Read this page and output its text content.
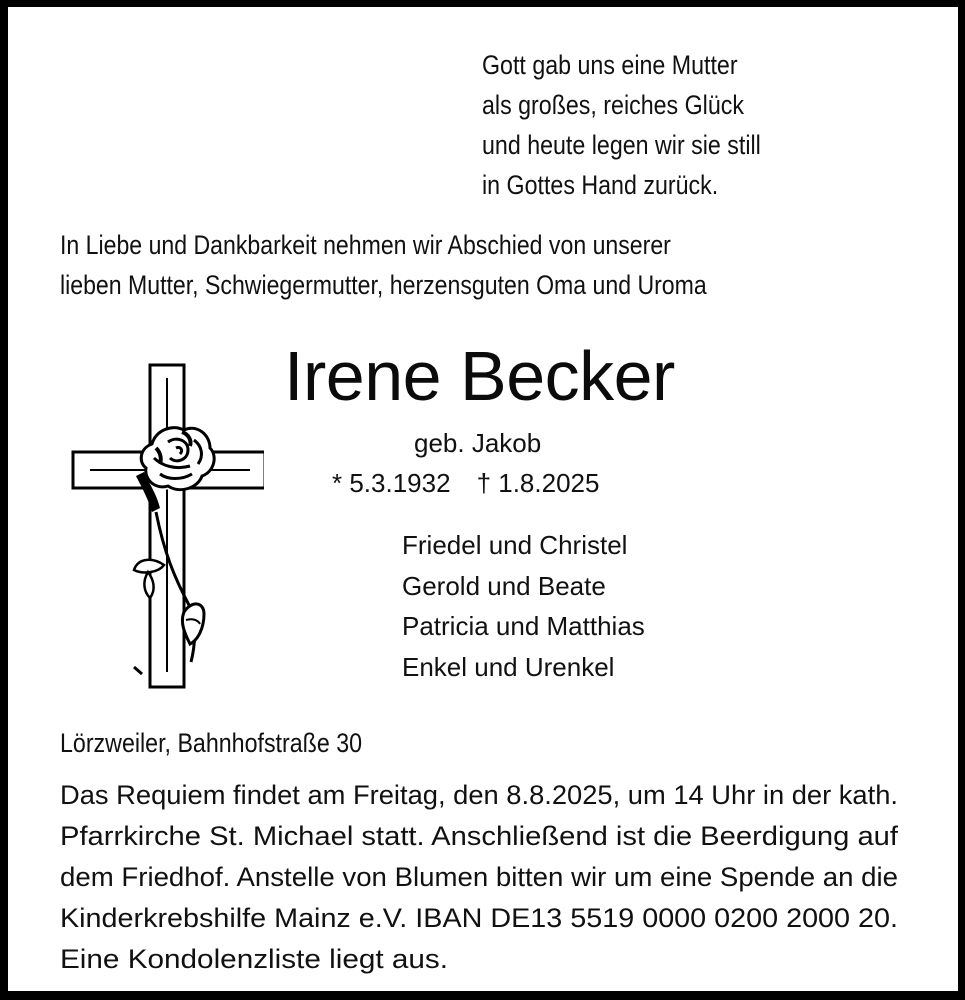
Gott gab uns eine Mutter
als großes, reiches Glück
und heute legen wir sie still
in Gottes Hand zurück.
In Liebe und Dankbarkeit nehmen wir Abschied von unserer
lieben Mutter, Schwiegermutter, herzensguten Oma und Uroma
Irene Becker
geb. Jakob
* 5.3.1932 † 1.8.2025
Friedel und Christel
Gerold und Beate
Patricia und Matthias
Enkel und Urenkel
Lörzweiler, Bahnhofstraße 30
Das Requiem findet am Freitag, den 8.8.2025, um 14 Uhr in der kath.
Pfarrkirche St. Michael statt. Anschließend ist die Beerdigung auf
dem Friedhof. Anstelle von Blumen bitten wir um eine Spende an die
Kinderkrebshilfe Mainz e.V. IBAN DE13 5519 0000 0200 2000 20.
Eine Kondolenzliste liegt aus.
